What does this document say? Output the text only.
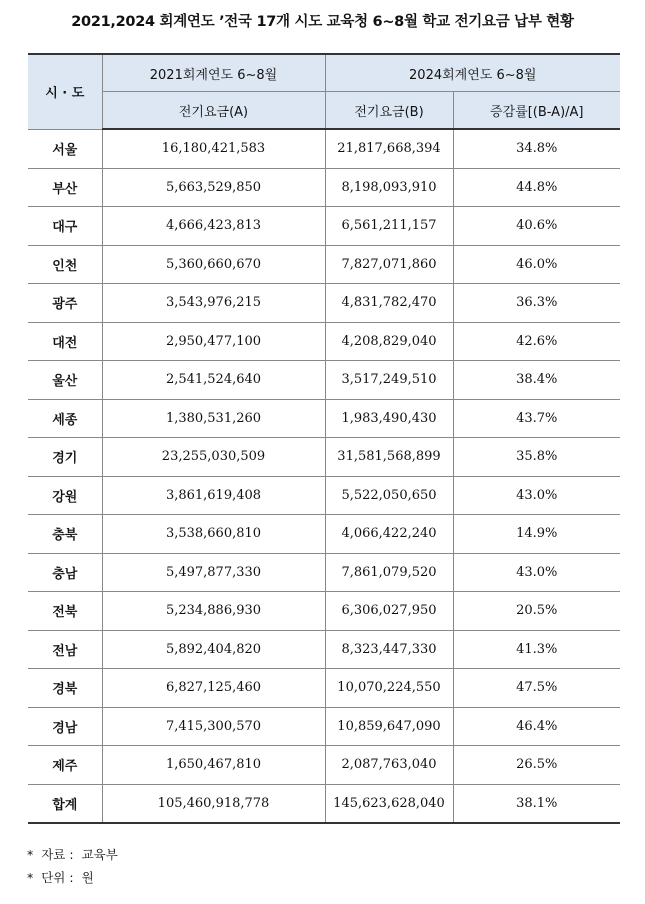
2021,2024 회계연도 ’전국 17개 시도 교육청 6~8월 학교 전기요금 납부 현황
시 · 도	2021회계연도 6~8월	2024회계연도 6~8월	
	전기요금(A)	전기요금(B)	증감률[(B-A)/A]
서울	16,180,421,583	21,817,668,394	34.8%
부산	5,663,529,850	8,198,093,910	44.8%
대구	4,666,423,813	6,561,211,157	40.6%
인천	5,360,660,670	7,827,071,860	46.0%
광주	3,543,976,215	4,831,782,470	36.3%
대전	2,950,477,100	4,208,829,040	42.6%
울산	2,541,524,640	3,517,249,510	38.4%
세종	1,380,531,260	1,983,490,430	43.7%
경기	23,255,030,509	31,581,568,899	35.8%
강원	3,861,619,408	5,522,050,650	43.0%
충북	3,538,660,810	4,066,422,240	14.9%
충남	5,497,877,330	7,861,079,520	43.0%
전북	5,234,886,930	6,306,027,950	20.5%
전남	5,892,404,820	8,323,447,330	41.3%
경북	6,827,125,460	10,070,224,550	47.5%
경남	7,415,300,570	10,859,647,090	46.4%
제주	1,650,467,810	2,087,763,040	26.5%
합계	105,460,918,778	145,623,628,040	38.1%
* 자료 : 교육부
* 단위 : 원
